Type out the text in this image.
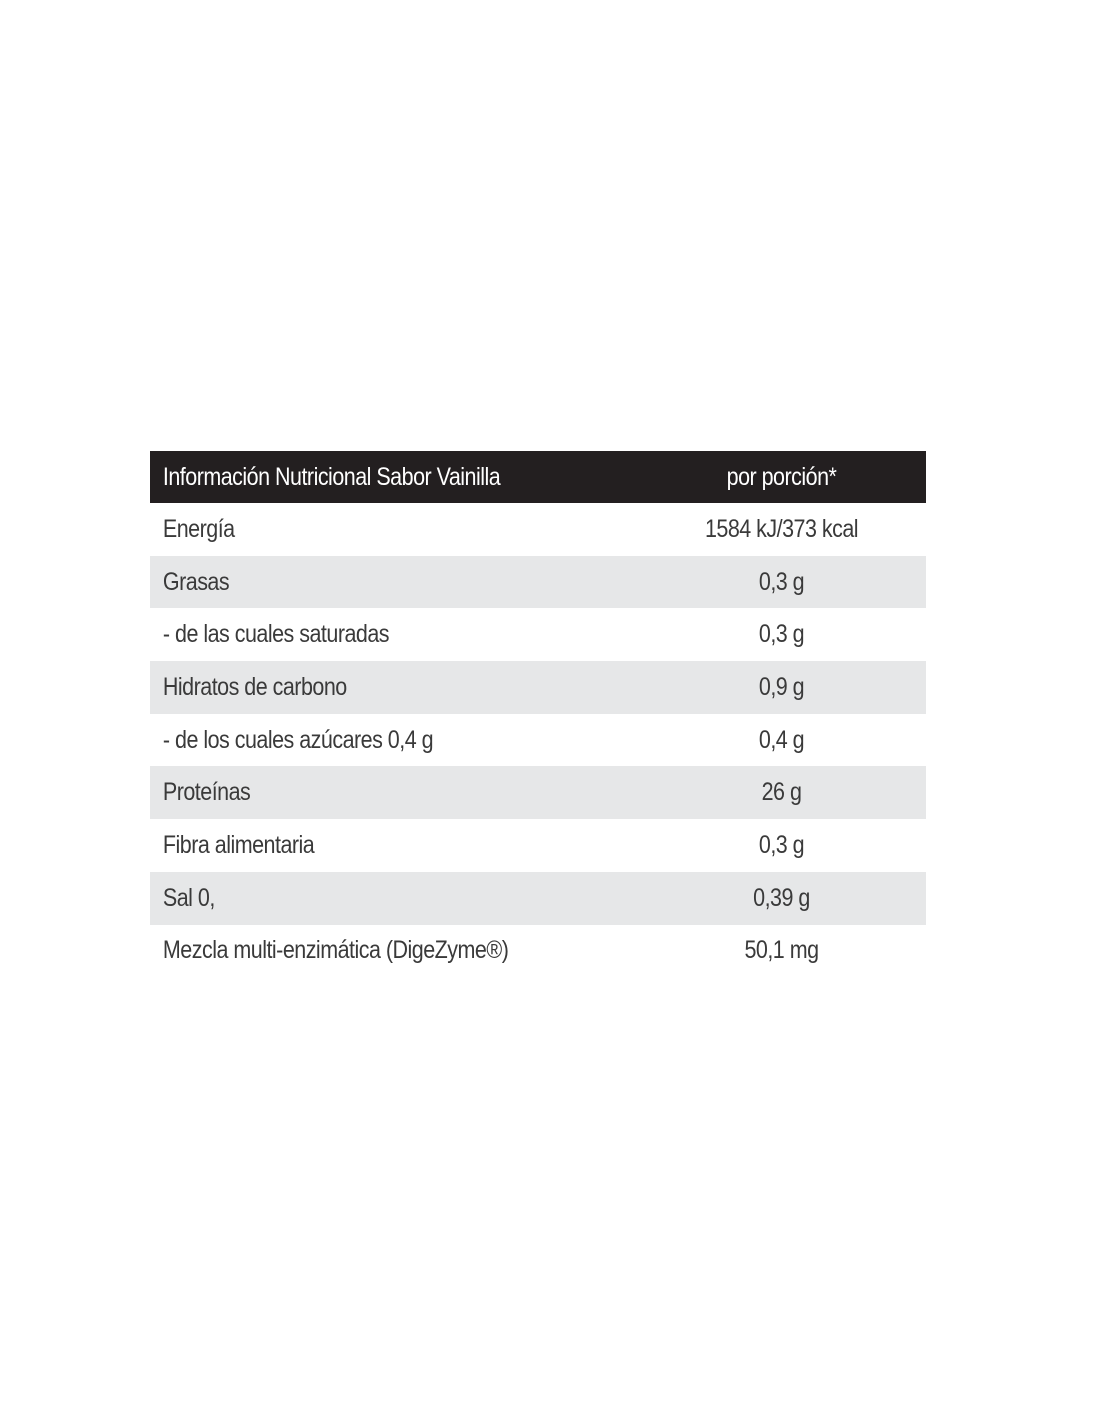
Información Nutricional Sabor Vainilla	por porción*
Energía	1584 kJ/373 kcal
Grasas	0,3 g
- de las cuales saturadas	0,3 g
Hidratos de carbono	0,9 g
- de los cuales azúcares 0,4 g	0,4 g
Proteínas	26 g
Fibra alimentaria	0,3 g
Sal 0,	0,39 g
Mezcla multi-enzimática (DigeZyme®)	50,1 mg
